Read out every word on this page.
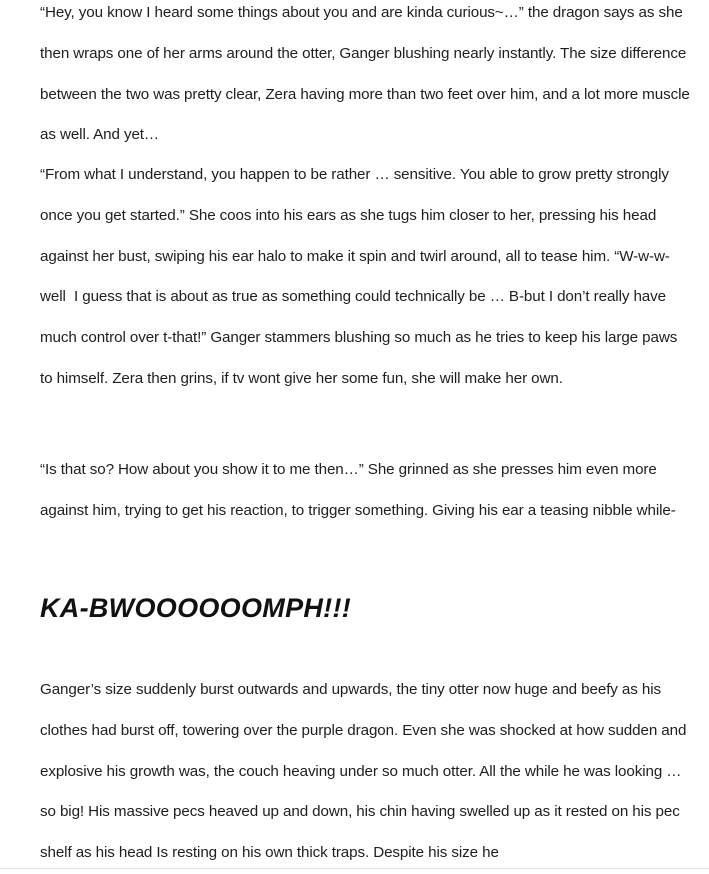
“Hey, you know I heard some things about you and are kinda curious~…” the dragon says as she then wraps one of her arms around the otter, Ganger blushing nearly instantly. The size difference between the two was pretty clear, Zera having more than two feet over him, and a lot more muscle as well. And yet…

“From what I understand, you happen to be rather … sensitive. You able to grow pretty strongly once you get started.” She coos into his ears as she tugs him closer to her, pressing his head against her bust, swiping his ear halo to make it spin and twirl around, all to tease him. “W-w-w-well  I guess that is about as true as something could technically be … B-but I don’t really have much control over t-that!” Ganger stammers blushing so much as he tries to keep his large paws to himself. Zera then grins, if tv wont give her some fun, she will make her own.

“Is that so? How about you show it to me then…” She grinned as she presses him even more against him, trying to get his reaction, to trigger something. Giving his ear a teasing nibble while-

KA-BWOOOOOOMPH!!!

Ganger’s size suddenly burst outwards and upwards, the tiny otter now huge and beefy as his clothes had burst off, towering over the purple dragon. Even she was shocked at how sudden and explosive his growth was, the couch heaving under so much otter. All the while he was looking … so big! His massive pecs heaved up and down, his chin having swelled up as it rested on his pec shelf as his head Is resting on his own thick traps. Despite his size he
